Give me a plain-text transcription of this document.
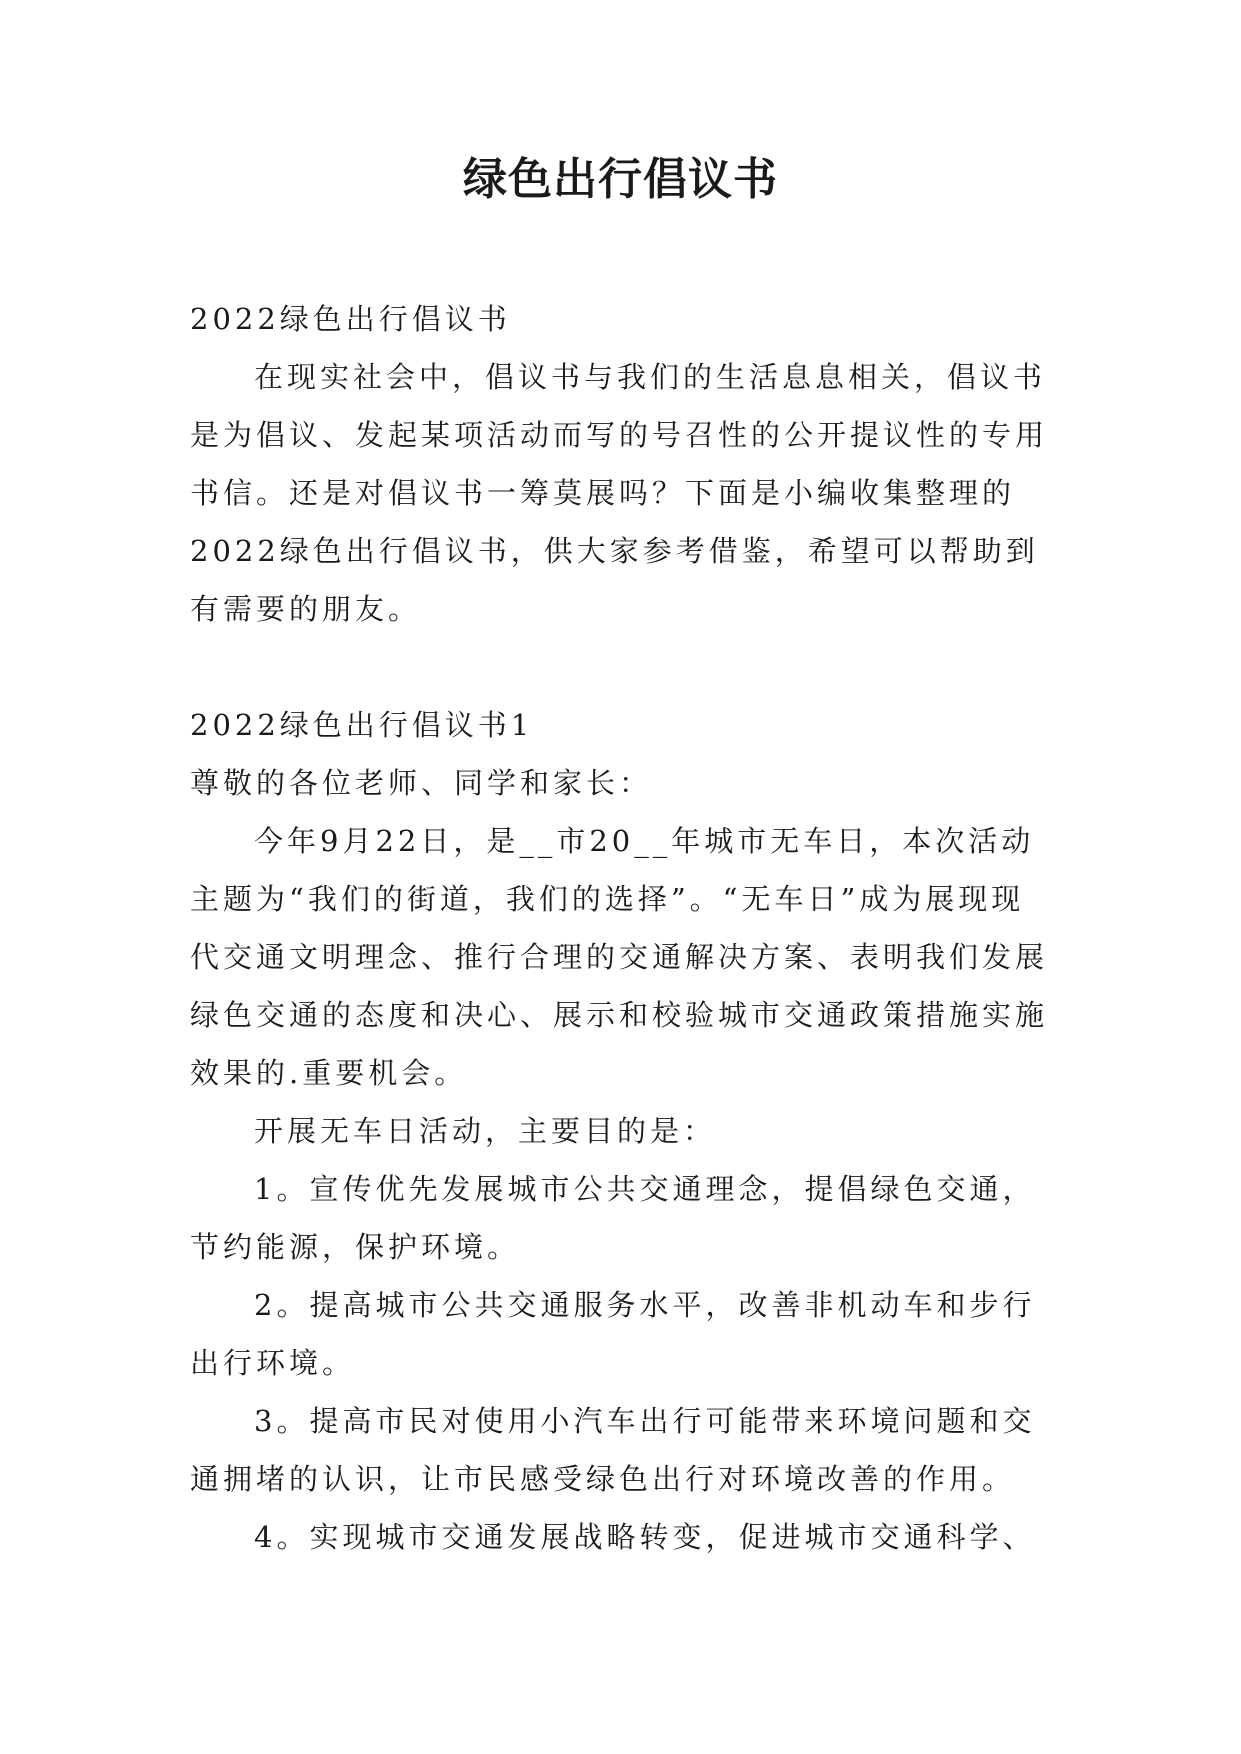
绿色出行倡议书

2022绿色出行倡议书

在现实社会中，倡议书与我们的生活息息相关，倡议书是为倡议、发起某项活动而写的号召性的公开提议性的专用书信。还是对倡议书一筹莫展吗？下面是小编收集整理的2022绿色出行倡议书，供大家参考借鉴，希望可以帮助到有需要的朋友。

2022绿色出行倡议书1

尊敬的各位老师、同学和家长：

今年9月22日，是__市20__年城市无车日，本次活动主题为“我们的街道，我们的选择”。“无车日”成为展现现代交通文明理念、推行合理的交通解决方案、表明我们发展绿色交通的态度和决心、展示和校验城市交通政策措施实施效果的.重要机会。

开展无车日活动，主要目的是：

1。宣传优先发展城市公共交通理念，提倡绿色交通，节约能源，保护环境。

2。提高城市公共交通服务水平，改善非机动车和步行出行环境。

3。提高市民对使用小汽车出行可能带来环境问题和交通拥堵的认识，让市民感受绿色出行对环境改善的作用。

4。实现城市交通发展战略转变，促进城市交通科学、
